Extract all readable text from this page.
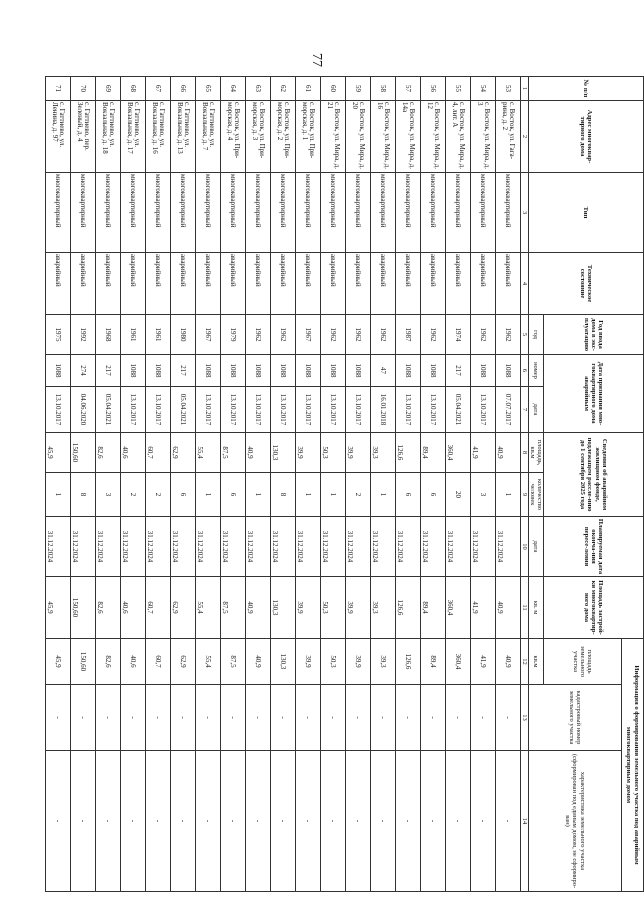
77
№ п/п	Адрес многоквар-тирного дома	Тип	Техническое состояние	Год ввода дома в экс-плуатацию	Дата признания мно-гоквартирного дома аварийным		Сведения об аварийном жилищном фонде, подлежащем рассле-нию до 1 сентября 2025 года		Планируемая дата оконча-ния пересе-ления	Площадь застрой-ки многоквартир-ного дома	Информация о формировании земельного участка под аварийным многоквартирным домом		
											площадь земельного участка	кадастровый номер земельного участка	характеристика земельного участка (сформирован под единым домом, не сформиро-ван)
				год	номер	дата	площадь, кв.м	количество человек	дата	кв. м	кв.м		
1	2	3	4	5	6	7	8	9	10	11	12	13	14
53	с. Восток, ул. Гага-рина, д. 2	многоквартирный	аварийный	1962	1088	07.07.2017	40,9	1	31.12.2024	40,9	40,9	-	-
54	с. Восток, ул. Мира, д. 3	многоквартирный	аварийный	1962	1088	13.10.2017	41,9	3	31.12.2024	41,9	41,9	-	-
55	с. Восток, ул. Мира, д. 4, лит. А	многоквартирный	аварийный	1974	217	05.04.2021	360,4	20	31.12.2024	360,4	360,4	-	-
56	с. Восток, ул. Мира, д. 12	многоквартирный	аварийный	1962	1088	13.10.2017	89,4	6	31.12.2024	89,4	89,4	-	-
57	с. Восток, ул. Мира, д. 14а	многоквартирный	аварийный	1987	1088	13.10.2017	126,6	6	31.12.2024	126,6	126,6	-	-
58	с. Восток, ул. Мира, д. 16	многоквартирный	аварийный	1962	47	16.01.2018	39,3	1	31.12.2024	39,3	39,3	-	-
59	с. Восток, ул. Мира, д. 20	многоквартирный	аварийный	1962	1088	13.10.2017	39,9	2	31.12.2024	39,9	39,9	-	-
60	с. Восток, ул. Мира, д. 21	многоквартирный	аварийный	1962	1088	13.10.2017	50,3	1	31.12.2024	50,3	50,3	-	-
61	с. Восток, ул. При-морская, д. 1	многоквартирный	аварийный	1967	1088	13.10.2017	39,9	1	31.12.2024	39,9	39,9	-	-
62	с. Восток, ул. При-морская, д. 2	многоквартирный	аварийный	1962	1088	13.10.2017	130,3	8	31.12.2024	130,3	130,3	-	-
63	с. Восток, ул. При-морская, д. 3	многоквартирный	аварийный	1962	1088	13.10.2017	40,9	1	31.12.2024	40,9	40,9	-	-
64	с. Восток, ул. При-морская, д. 4	многоквартирный	аварийный	1979	1088	13.10.2017	87,5	6	31.12.2024	87,5	87,5	-	-
65	с. Гаттиево, ул. Вокзальная, д. 7	многоквартирный	аварийный	1967	1088	13.10.2017	55,4	1	31.12.2024	55,4	55,4	-	-
66	с. Гаттиево, ул. Вокзальная, д. 13	многоквартирный	аварийный	1980	217	05.04.2021	62,9	6	31.12.2024	62,9	62,9	-	-
67	с. Гаттиево, ул. Вокзальная, д. 16	многоквартирный	аварийный	1961	1088	13.10.2017	60,7	2	31.12.2024	60,7	60,7	-	-
68	с. Гаттиево, ул. Вокзальная, д. 17	многоквартирный	аварийный	1961	1088	13.10.2017	40,6	2	31.12.2024	40,6	40,6	-	-
69	с. Гаттиево, ул. Вокзальная, д. 18	многоквартирный	аварийный	1968	217	05.04.2021	82,6	3	31.12.2024	82,6	82,6	-	-
70	с. Гаттиево, пер. Зеленый, д. 4	многоквартирный	аварийный	1992	274	04.06.2020	150,60	8	31.12.2024	150,60	150,60	-	-
71	с. Гаттиево, ул. Ленина, д. 97	многоквартирный	аварийный	1975	1088	13.10.2017	45,9	1	31.12.2024	45,9	45,9	-	-
